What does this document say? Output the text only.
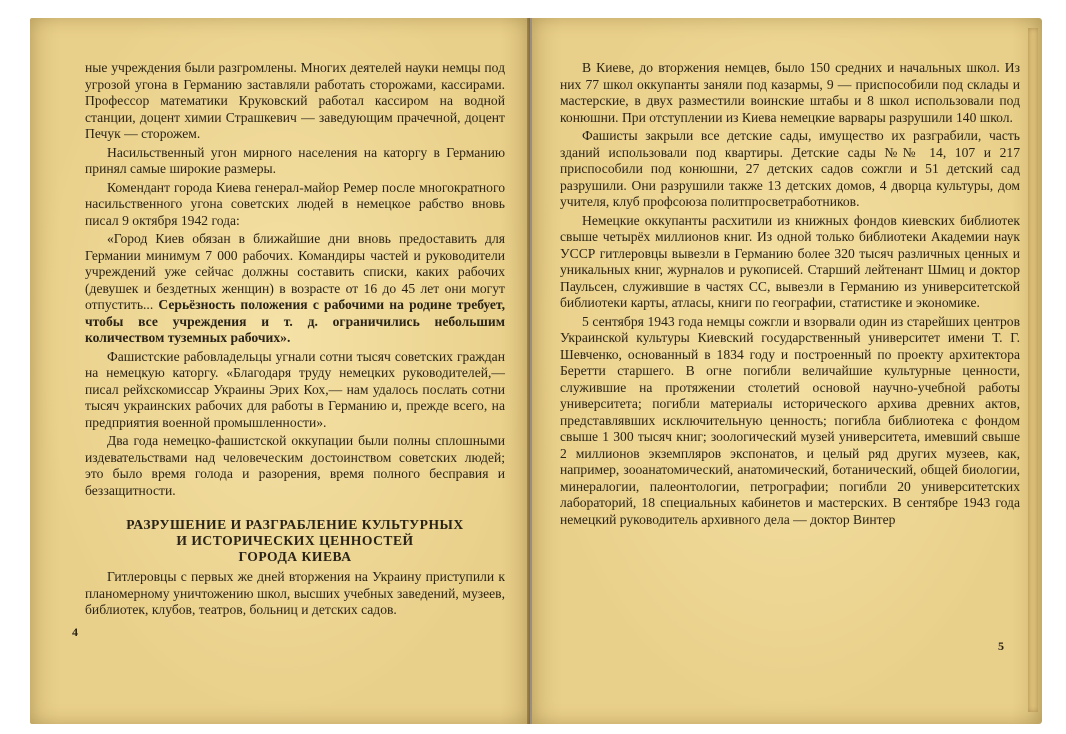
ные учреждения были разгромлены. Многих деятелей науки немцы под угрозой угона в Германию заставляли работать сторожами, кассирами. Профессор математики Круковский работал кассиром на водной станции, доцент химии Страшкевич — заведующим прачечной, доцент Печук — сторожем.

Насильственный угон мирного населения на каторгу в Германию принял самые широкие размеры.

Комендант города Киева генерал-майор Ремер после многократного насильственного угона советских людей в немецкое рабство вновь писал 9 октября 1942 года:

«Город Киев обязан в ближайшие дни вновь предоставить для Германии минимум 7 000 рабочих. Командиры частей и руководители учреждений уже сейчас должны составить списки, каких рабочих (девушек и бездетных женщин) в возрасте от 16 до 45 лет они могут отпустить... Серьёзность положения с рабочими на родине требует, чтобы все учреждения и т. д. ограничились небольшим количеством туземных рабочих».

Фашистские рабовладельцы угнали сотни тысяч советских граждан на немецкую каторгу. «Благодаря труду немецких руководителей,— писал рейхскомиссар Украины Эрих Кох,— нам удалось послать сотни тысяч украинских рабочих для работы в Германию и, прежде всего, на предприятия военной промышленности».

Два года немецко-фашистской оккупации были полны сплошными издевательствами над человеческим достоинством советских людей; это было время голода и разорения, время полного бесправия и беззащитности.

РАЗРУШЕНИЕ И РАЗГРАБЛЕНИЕ КУЛЬТУРНЫХ
И ИСТОРИЧЕСКИХ ЦЕННОСТЕЙ
ГОРОДА КИЕВА

Гитлеровцы с первых же дней вторжения на Украину приступили к планомерному уничтожению школ, высших учебных заведений, музеев, библиотек, клубов, театров, больниц и детских садов.

4

В Киеве, до вторжения немцев, было 150 средних и начальных школ. Из них 77 школ оккупанты заняли под казармы, 9 — приспособили под склады и мастерские, в двух разместили воинские штабы и 8 школ использовали под конюшни. При отступлении из Киева немецкие варвары разрушили 140 школ.

Фашисты закрыли все детские сады, имущество их разграбили, часть зданий использовали под квартиры. Детские сады №№ 14, 107 и 217 приспособили под конюшни, 27 детских садов сожгли и 51 детский сад разрушили. Они разрушили также 13 детских домов, 4 дворца культуры, дом учителя, клуб профсоюза политпросветработников.

Немецкие оккупанты расхитили из книжных фондов киевских библиотек свыше четырёх миллионов книг. Из одной только библиотеки Академии наук УССР гитлеровцы вывезли в Германию более 320 тысяч различных ценных и уникальных книг, журналов и рукописей. Старший лейтенант Шмиц и доктор Паульсен, служившие в частях СС, вывезли в Германию из университетской библиотеки карты, атласы, книги по географии, статистике и экономике.

5 сентября 1943 года немцы сожгли и взорвали один из старейших центров Украинской культуры Киевский государственный университет имени Т. Г. Шевченко, основанный в 1834 году и построенный по проекту архитектора Беретти старшего. В огне погибли величайшие культурные ценности, служившие на протяжении столетий основой научно-учебной работы университета; погибли материалы исторического архива древних актов, представлявших исключительную ценность; погибла библиотека с фондом свыше 1 300 тысяч книг; зоологический музей университета, имевший свыше 2 миллионов экземпляров экспонатов, и целый ряд других музеев, как, например, зооанатомический, анатомический, ботанический, общей биологии, минералогии, палеонтологии, петрографии; погибли 20 университетских лабораторий, 18 специальных кабинетов и мастерских. В сентябре 1943 года немецкий руководитель архивного дела — доктор Винтер

5
